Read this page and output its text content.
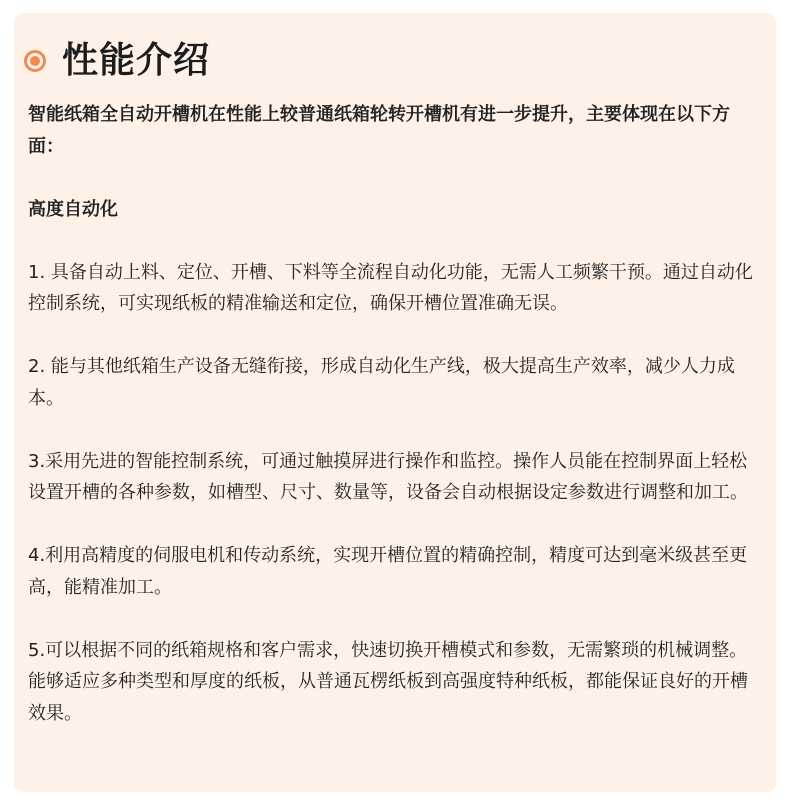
性能介绍

智能纸箱全自动开槽机在性能上较普通纸箱轮转开槽机有进一步提升，主要体现在以下方面：

高度自动化

1. 具备自动上料、定位、开槽、下料等全流程自动化功能，无需人工频繁干预。通过自动化控制系统，可实现纸板的精准输送和定位，确保开槽位置准确无误。

2. 能与其他纸箱生产设备无缝衔接，形成自动化生产线，极大提高生产效率，减少人力成本。

3.采用先进的智能控制系统，可通过触摸屏进行操作和监控。操作人员能在控制界面上轻松设置开槽的各种参数，如槽型、尺寸、数量等，设备会自动根据设定参数进行调整和加工。

4.利用高精度的伺服电机和传动系统，实现开槽位置的精确控制，精度可达到毫米级甚至更高，能精准加工。

5.可以根据不同的纸箱规格和客户需求，快速切换开槽模式和参数，无需繁琐的机械调整。能够适应多种类型和厚度的纸板，从普通瓦楞纸板到高强度特种纸板，都能保证良好的开槽效果。
